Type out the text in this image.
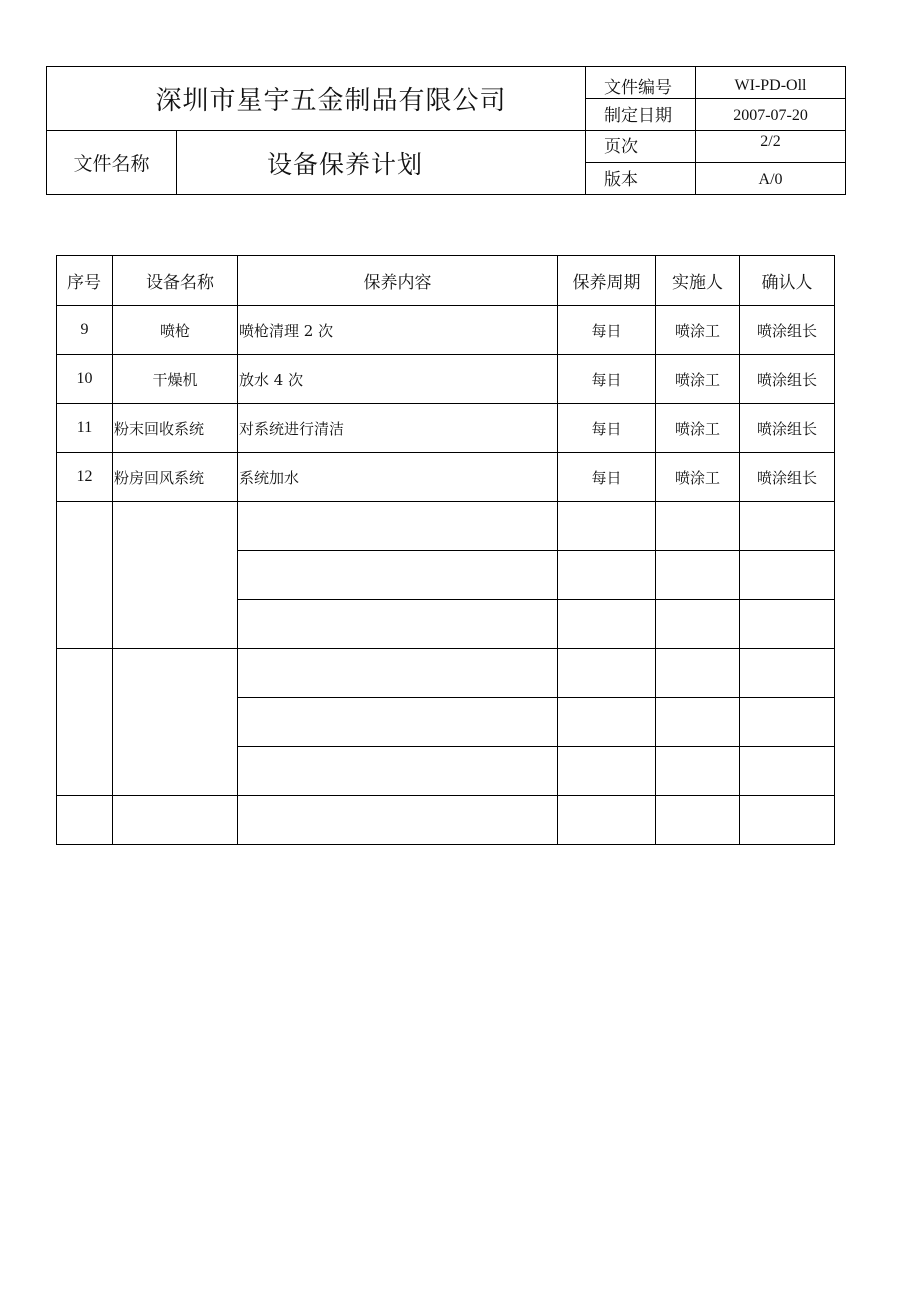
深圳市星宇五金制品有限公司		文件编号	WI-PD-Oll
		制定日期	2007-07-20
文件名称	设备保养计划	页次	2/2
		版本	A/0
序号	设备名称	保养内容	保养周期	实施人	确认人
9	喷枪	喷枪清理 2 次	每日	喷涂工	喷涂组长
10	干燥机	放水 4 次	每日	喷涂工	喷涂组长
11	粉末回收系统	对系统进行清洁	每日	喷涂工	喷涂组长
12	粉房回风系统	系统加水	每日	喷涂工	喷涂组长
